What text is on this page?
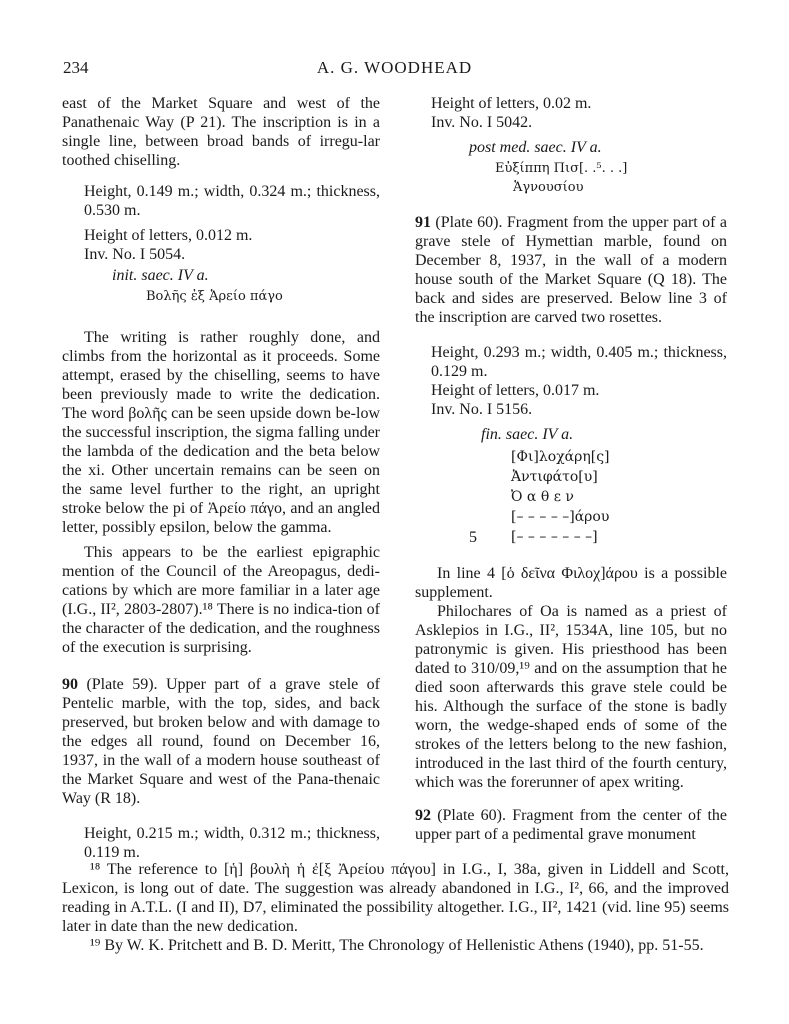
234	A. G. WOODHEAD

east of the Market Square and west of the Panathenaic Way (P 21). The inscription is in a single line, between broad bands of irregu-lar toothed chiselling.

Height, 0.149 m.; width, 0.324 m.; thickness, 0.530 m.

Height of letters, 0.012 m.

Inv. No. I 5054.

init. saec. IV a.

Βολῆς ἐξ Ἀρείο πάγο

The writing is rather roughly done, and climbs from the horizontal as it proceeds. Some attempt, erased by the chiselling, seems to have been previously made to write the dedication. The word βολῆς can be seen upside down be-low the successful inscription, the sigma falling under the lambda of the dedication and the beta below the xi. Other uncertain remains can be seen on the same level further to the right, an upright stroke below the pi of Ἀρείο πάγο, and an angled letter, possibly epsilon, below the gamma.

This appears to be the earliest epigraphic mention of the Council of the Areopagus, dedi-cations by which are more familiar in a later age (I.G., II², 2803-2807).¹⁸ There is no indica-tion of the character of the dedication, and the roughness of the execution is surprising.

90 (Plate 59). Upper part of a grave stele of Pentelic marble, with the top, sides, and back preserved, but broken below and with damage to the edges all round, found on December 16, 1937, in the wall of a modern house southeast of the Market Square and west of the Pana-thenaic Way (R 18).

Height, 0.215 m.; width, 0.312 m.; thickness, 0.119 m.

Height of letters, 0.02 m.

Inv. No. I 5042.

post med. saec. IV a.

Εὐξίππη Πισ[. .⁵. . .]

Ἁγνουσίου

91 (Plate 60). Fragment from the upper part of a grave stele of Hymettian marble, found on December 8, 1937, in the wall of a modern house south of the Market Square (Q 18). The back and sides are preserved. Below line 3 of the inscription are carved two rosettes.

Height, 0.293 m.; width, 0.405 m.; thickness, 0.129 m.

Height of letters, 0.017 m.

Inv. No. I 5156.

fin. saec. IV a.

[Φι]λοχάρη[ς]
Ἀντιφάτο[υ]
Ὀ α θ ε ν
[– – – – –]άρου
5 [– – – – – – –]

In line 4 [ὁ δεῖνα Φιλοχ]άρου is a possible supplement.

Philochares of Oa is named as a priest of Asklepios in I.G., II², 1534A, line 105, but no patronymic is given. His priesthood has been dated to 310/09,¹⁹ and on the assumption that he died soon afterwards this grave stele could be his. Although the surface of the stone is badly worn, the wedge-shaped ends of some of the strokes of the letters belong to the new fashion, introduced in the last third of the fourth century, which was the forerunner of apex writing.

92 (Plate 60). Fragment from the center of the upper part of a pedimental grave monument

¹⁸ The reference to [ἡ] βουλὴ ἡ ἐ[ξ Ἀρείου πάγου] in I.G., I, 38a, given in Liddell and Scott, Lexicon, is long out of date. The suggestion was already abandoned in I.G., I², 66, and the improved reading in A.T.L. (I and II), D7, eliminated the possibility altogether. I.G., II², 1421 (vid. line 95) seems later in date than the new dedication.

¹⁹ By W. K. Pritchett and B. D. Meritt, The Chronology of Hellenistic Athens (1940), pp. 51-55.
